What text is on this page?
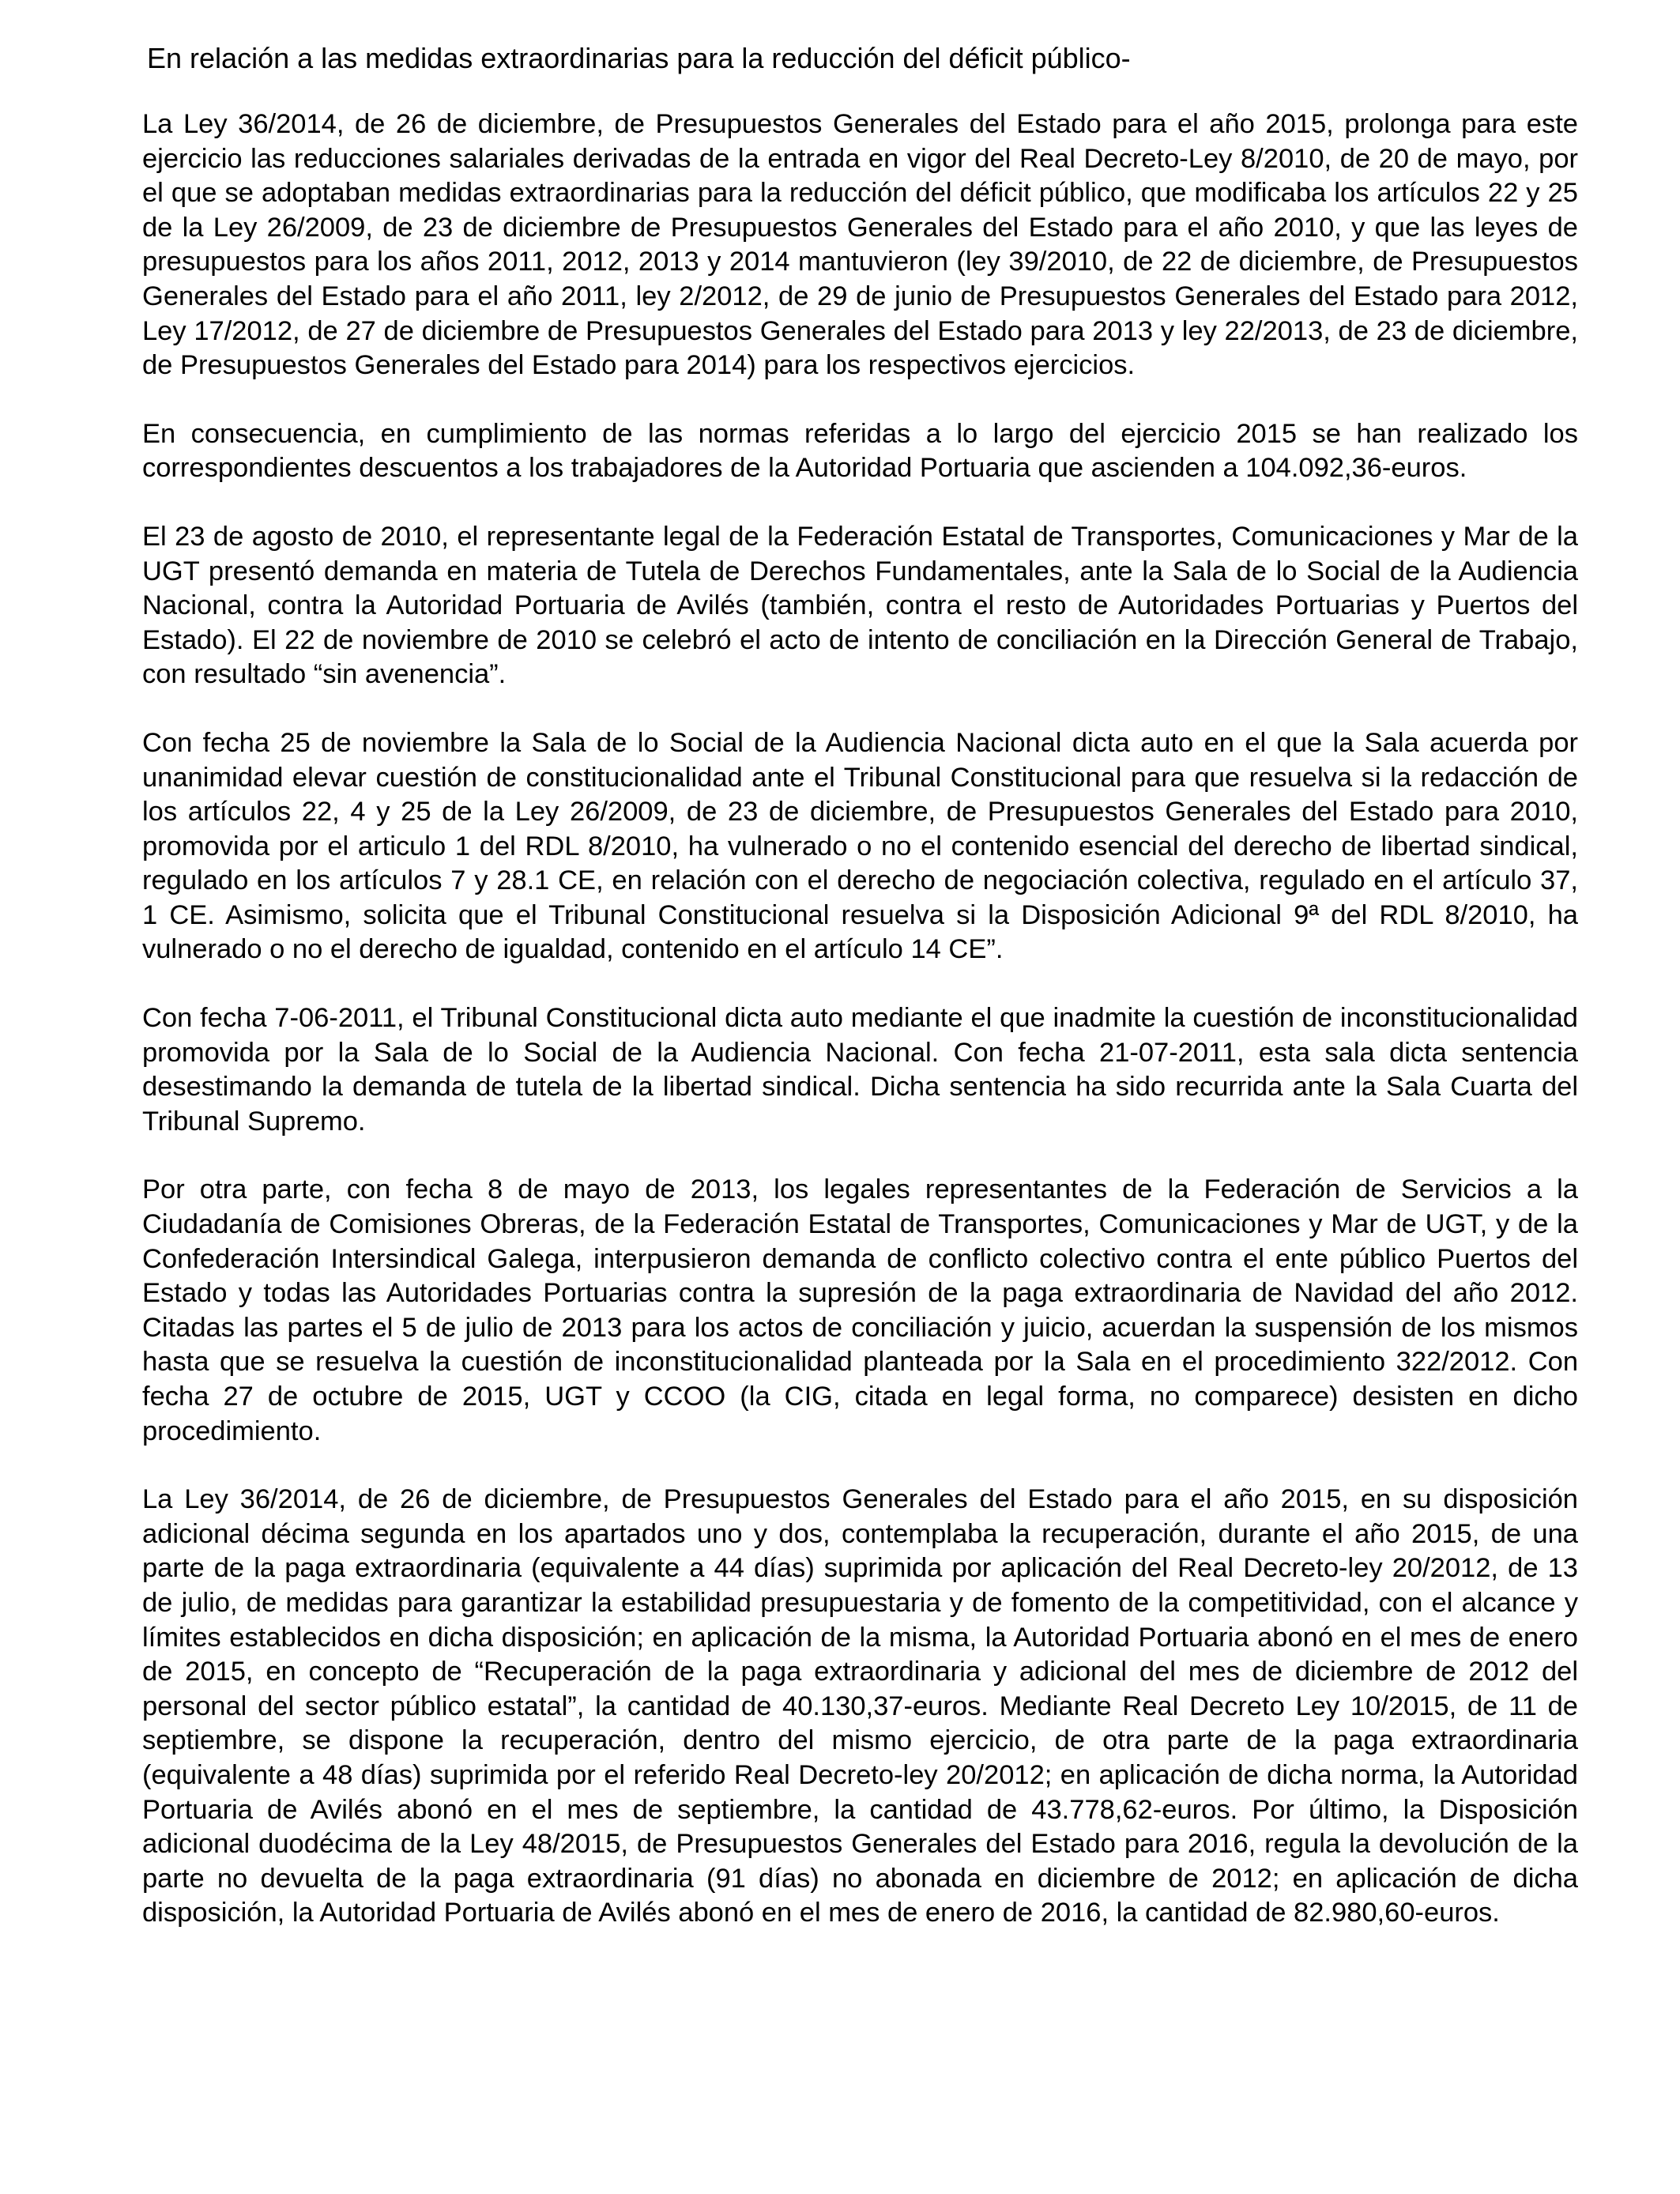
En relación a las medidas extraordinarias para la reducción del déficit público-

La Ley 36/2014, de 26 de diciembre, de Presupuestos Generales del Estado para el año 2015, prolonga para este ejercicio las reducciones salariales derivadas de la entrada en vigor del Real Decreto-Ley 8/2010, de 20 de mayo, por el que se adoptaban medidas extraordinarias para la reducción del déficit público, que modificaba los artículos 22 y 25 de la Ley 26/2009, de 23 de diciembre de Presupuestos Generales del Estado para el año 2010, y que las leyes de presupuestos para los años 2011, 2012, 2013 y 2014 mantuvieron (ley 39/2010, de 22 de diciembre, de Presupuestos Generales del Estado para el año 2011, ley 2/2012, de 29 de junio de Presupuestos Generales del Estado para 2012, Ley 17/2012, de 27 de diciembre de Presupuestos Generales del Estado para 2013 y ley 22/2013, de 23 de diciembre, de Presupuestos Generales del Estado para 2014) para los respectivos ejercicios.

En consecuencia, en cumplimiento de las normas referidas a lo largo del ejercicio 2015 se han realizado los correspondientes descuentos a los trabajadores de la Autoridad Portuaria que ascienden a 104.092,36-euros.

El 23 de agosto de 2010, el representante legal de la Federación Estatal de Transportes, Comunicaciones y Mar de la UGT presentó demanda en materia de Tutela de Derechos Fundamentales, ante la Sala de lo Social de la Audiencia Nacional, contra la Autoridad Portuaria de Avilés (también, contra el resto de Autoridades Portuarias y Puertos del Estado). El 22 de noviembre de 2010 se celebró el acto de intento de conciliación en la Dirección General de Trabajo, con resultado “sin avenencia”.

Con fecha 25 de noviembre la Sala de lo Social de la Audiencia Nacional dicta auto en el que la Sala acuerda por unanimidad elevar cuestión de constitucionalidad ante el Tribunal Constitucional para que resuelva si la redacción de los artículos 22, 4 y 25 de la Ley 26/2009, de 23 de diciembre, de Presupuestos Generales del Estado para 2010, promovida por el articulo 1 del RDL 8/2010, ha vulnerado o no el contenido esencial del derecho de libertad sindical, regulado en los artículos 7 y 28.1 CE, en relación con el derecho de negociación colectiva, regulado en el artículo 37, 1 CE. Asimismo, solicita que el Tribunal Constitucional resuelva si la Disposición Adicional 9ª del RDL 8/2010, ha vulnerado o no el derecho de igualdad, contenido en el artículo 14 CE”.

Con fecha 7-06-2011, el Tribunal Constitucional dicta auto mediante el que inadmite la cuestión de inconstitucionalidad promovida por la Sala de lo Social de la Audiencia Nacional. Con fecha 21-07-2011, esta sala dicta sentencia desestimando la demanda de tutela de la libertad sindical. Dicha sentencia ha sido recurrida ante la Sala Cuarta del Tribunal Supremo.

Por otra parte, con fecha 8 de mayo de 2013, los legales representantes de la Federación de Servicios a la Ciudadanía de Comisiones Obreras, de la Federación Estatal de Transportes, Comunicaciones y Mar de UGT, y de la Confederación Intersindical Galega, interpusieron demanda de conflicto colectivo contra el ente público Puertos del Estado y todas las Autoridades Portuarias contra la supresión de la paga extraordinaria de Navidad del año 2012. Citadas las partes el 5 de julio de 2013 para los actos de conciliación y juicio, acuerdan la suspensión de los mismos hasta que se resuelva la cuestión de inconstitucionalidad planteada por la Sala en el procedimiento 322/2012. Con fecha 27 de octubre de 2015, UGT y CCOO (la CIG, citada en legal forma, no comparece) desisten en dicho procedimiento.

La Ley 36/2014, de 26 de diciembre, de Presupuestos Generales del Estado para el año 2015, en su disposición adicional décima segunda en los apartados uno y dos, contemplaba la recuperación, durante el año 2015, de una parte de la paga extraordinaria (equivalente a 44 días) suprimida por aplicación del Real Decreto-ley 20/2012, de 13 de julio, de medidas para garantizar la estabilidad presupuestaria y de fomento de la competitividad, con el alcance y límites establecidos en dicha disposición; en aplicación de la misma, la Autoridad Portuaria abonó en el mes de enero de 2015, en concepto de “Recuperación de la paga extraordinaria y adicional del mes de diciembre de 2012 del personal del sector público estatal”, la cantidad de 40.130,37-euros. Mediante Real Decreto Ley 10/2015, de 11 de septiembre, se dispone la recuperación, dentro del mismo ejercicio, de otra parte de la paga extraordinaria (equivalente a 48 días) suprimida por el referido Real Decreto-ley 20/2012; en aplicación de dicha norma, la Autoridad Portuaria de Avilés abonó en el mes de septiembre, la cantidad de 43.778,62-euros. Por último, la Disposición adicional duodécima de la Ley 48/2015, de Presupuestos Generales del Estado para 2016, regula la devolución de la parte no devuelta de la paga extraordinaria (91 días) no abonada en diciembre de 2012; en aplicación de dicha disposición, la Autoridad Portuaria de Avilés abonó en el mes de enero de 2016, la cantidad de 82.980,60-euros.
